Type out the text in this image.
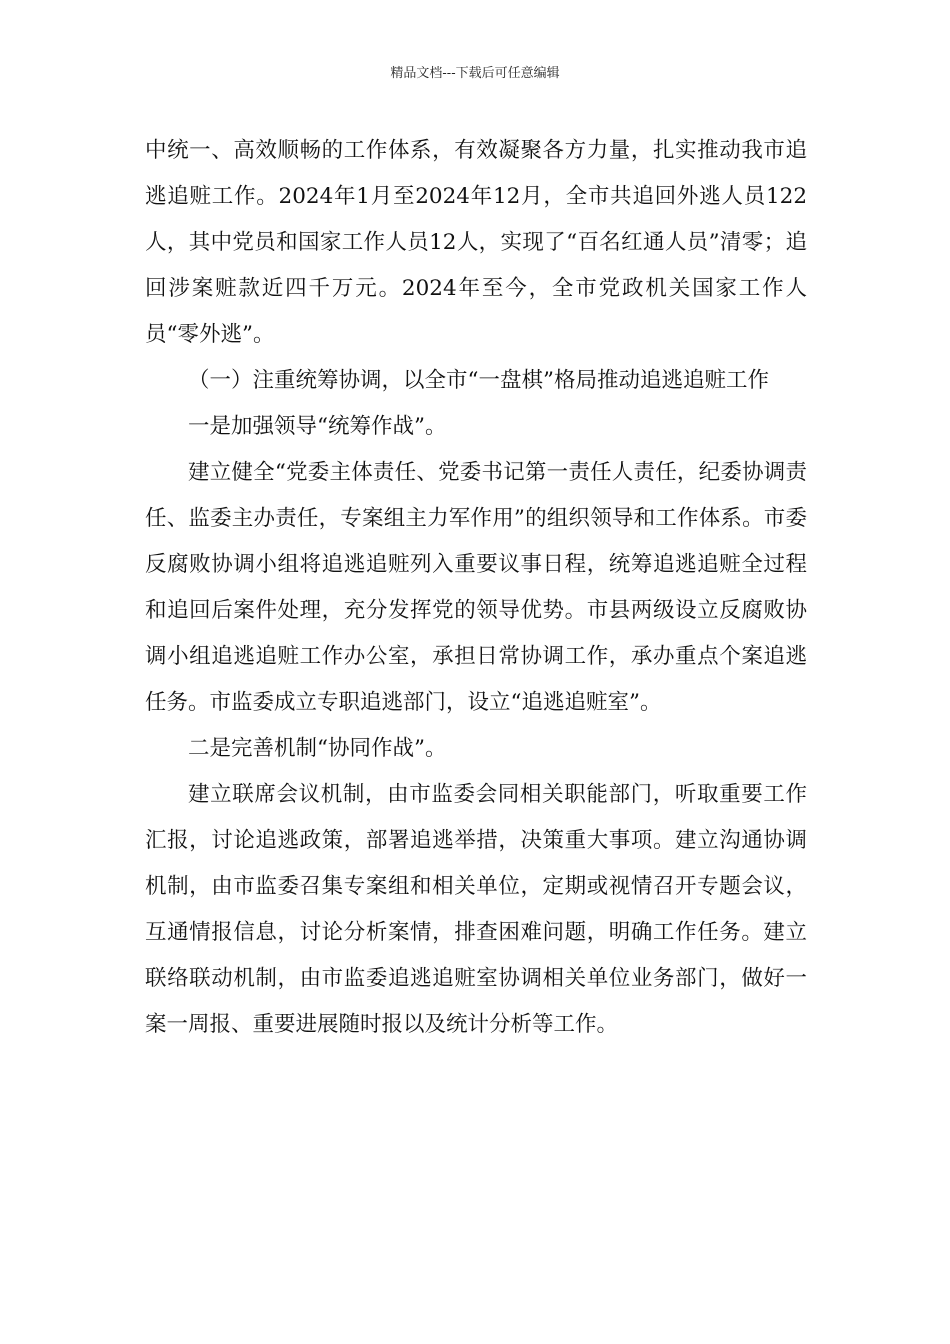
精品文档---下载后可任意编辑

中统一、高效顺畅的工作体系，有效凝聚各方力量，扎实推动我市追逃追赃工作。2024年1月至2024年12月，全市共追回外逃人员122人，其中党员和国家工作人员12人，实现了“百名红通人员”清零；追回涉案赃款近四千万元。2024年至今，全市党政机关国家工作人员“零外逃”。

（一）注重统筹协调，以全市“一盘棋”格局推动追逃追赃工作

一是加强领导“统筹作战”。

建立健全“党委主体责任、党委书记第一责任人责任，纪委协调责任、监委主办责任，专案组主力军作用”的组织领导和工作体系。市委反腐败协调小组将追逃追赃列入重要议事日程，统筹追逃追赃全过程和追回后案件处理，充分发挥党的领导优势。市县两级设立反腐败协调小组追逃追赃工作办公室，承担日常协调工作，承办重点个案追逃任务。市监委成立专职追逃部门，设立“追逃追赃室”。

二是完善机制“协同作战”。

建立联席会议机制，由市监委会同相关职能部门，听取重要工作汇报，讨论追逃政策，部署追逃举措，决策重大事项。建立沟通协调机制，由市监委召集专案组和相关单位，定期或视情召开专题会议，互通情报信息，讨论分析案情，排查困难问题，明确工作任务。建立联络联动机制，由市监委追逃追赃室协调相关单位业务部门，做好一案一周报、重要进展随时报以及统计分析等工作。
